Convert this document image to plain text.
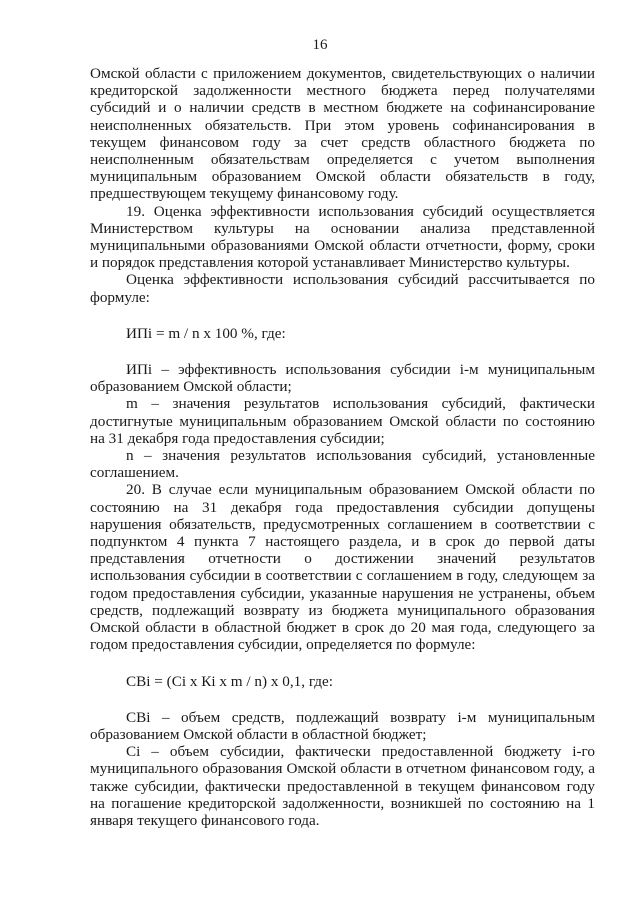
16

Омской области с приложением документов, свидетельствующих о наличии кредиторской задолженности местного бюджета перед получателями субсидий и о наличии средств в местном бюджете на софинансирование неисполненных обязательств. При этом уровень софинансирования в текущем финансовом году за счет средств областного бюджета по неисполненным обязательствам определяется с учетом выполнения муниципальным образованием Омской области обязательств в году, предшествующем текущему финансовому году.

19. Оценка эффективности использования субсидий осуществляется Министерством культуры на основании анализа представленной муниципальными образованиями Омской области отчетности, форму, сроки и порядок представления которой устанавливает Министерство культуры.

Оценка эффективности использования субсидий рассчитывается по формуле:

ИПi = m / n x 100 %, где:

ИПi – эффективность использования субсидии i-м муниципальным образованием Омской области;

m – значения результатов использования субсидий, фактически достигнутые муниципальным образованием Омской области по состоянию на 31 декабря года предоставления субсидии;

n – значения результатов использования субсидий, установленные соглашением.

20. В случае если муниципальным образованием Омской области по состоянию на 31 декабря года предоставления субсидии допущены нарушения обязательств, предусмотренных соглашением в соответствии с подпунктом 4 пункта 7 настоящего раздела, и в срок до первой даты представления отчетности о достижении значений результатов использования субсидии в соответствии с соглашением в году, следующем за годом предоставления субсидии, указанные нарушения не устранены, объем средств, подлежащий возврату из бюджета муниципального образования Омской области в областной бюджет в срок до 20 мая года, следующего за годом предоставления субсидии, определяется по формуле:

СВi = (Сi x Кi x m / n) x 0,1, где:

СВi – объем средств, подлежащий возврату i-м муниципальным образованием Омской области в областной бюджет;

Сi – объем субсидии, фактически предоставленной бюджету i-го муниципального образования Омской области в отчетном финансовом году, а также субсидии, фактически предоставленной в текущем финансовом году на погашение кредиторской задолженности, возникшей по состоянию на 1 января текущего финансового года.
